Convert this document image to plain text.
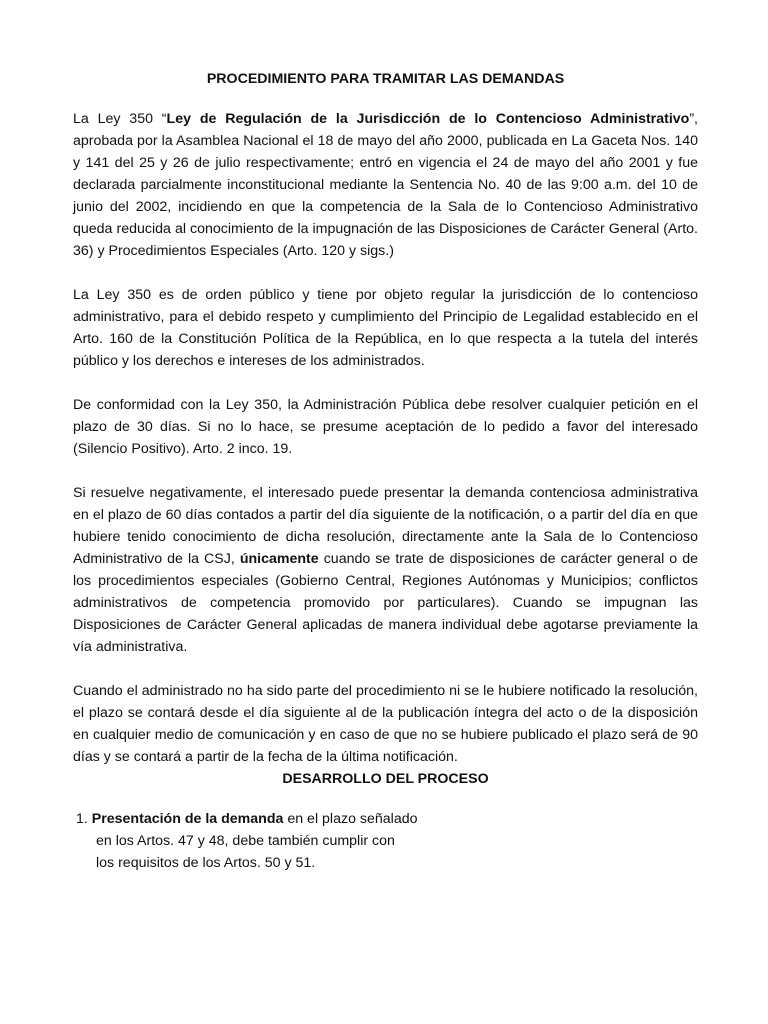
PROCEDIMIENTO PARA TRAMITAR LAS DEMANDAS

La Ley 350 “Ley de Regulación de la Jurisdicción de lo Contencioso Administrativo”, aprobada por la Asamblea Nacional el 18 de mayo del año 2000, publicada en La Gaceta Nos. 140 y 141 del 25 y 26 de julio respectivamente; entró en vigencia el 24 de mayo del año 2001 y fue declarada parcialmente inconstitucional mediante la Sentencia No. 40 de las 9:00 a.m. del 10 de junio del 2002, incidiendo en que la competencia de la Sala de lo Contencioso Administrativo queda reducida al conocimiento de la impugnación de las Disposiciones de Carácter General (Arto. 36) y Procedimientos Especiales (Arto. 120 y sigs.)

La Ley 350 es de orden público y tiene por objeto regular la jurisdicción de lo contencioso administrativo, para el debido respeto y cumplimiento del Principio de Legalidad establecido en el Arto. 160 de la Constitución Política de la República, en lo que respecta a la tutela del interés público y los derechos e intereses de los administrados.

De conformidad con la Ley 350, la Administración Pública debe resolver cualquier petición en el plazo de 30 días. Si no lo hace, se presume aceptación de lo pedido a favor del interesado (Silencio Positivo). Arto. 2 inco. 19.

Si resuelve negativamente, el interesado puede presentar la demanda contenciosa administrativa en el plazo de 60 días contados a partir del día siguiente de la notificación, o a partir del día en que hubiere tenido conocimiento de dicha resolución, directamente ante la Sala de lo Contencioso Administrativo de la CSJ, únicamente cuando se trate de disposiciones de carácter general o de los procedimientos especiales (Gobierno Central, Regiones Autónomas y Municipios; conflictos administrativos de competencia promovido por particulares). Cuando se impugnan las Disposiciones de Carácter General aplicadas de manera individual debe agotarse previamente la vía administrativa.

Cuando el administrado no ha sido parte del procedimiento ni se le hubiere notificado la resolución, el plazo se contará desde el día siguiente al de la publicación íntegra del acto o de la disposición en cualquier medio de comunicación y en caso de que no se hubiere publicado el plazo será de 90 días y se contará a partir de la fecha de la última notificación.

DESARROLLO DEL PROCESO
1. Presentación de la demanda en el plazo señalado
en los Artos. 47 y 48, debe también cumplir con
los requisitos de los Artos. 50 y 51.
